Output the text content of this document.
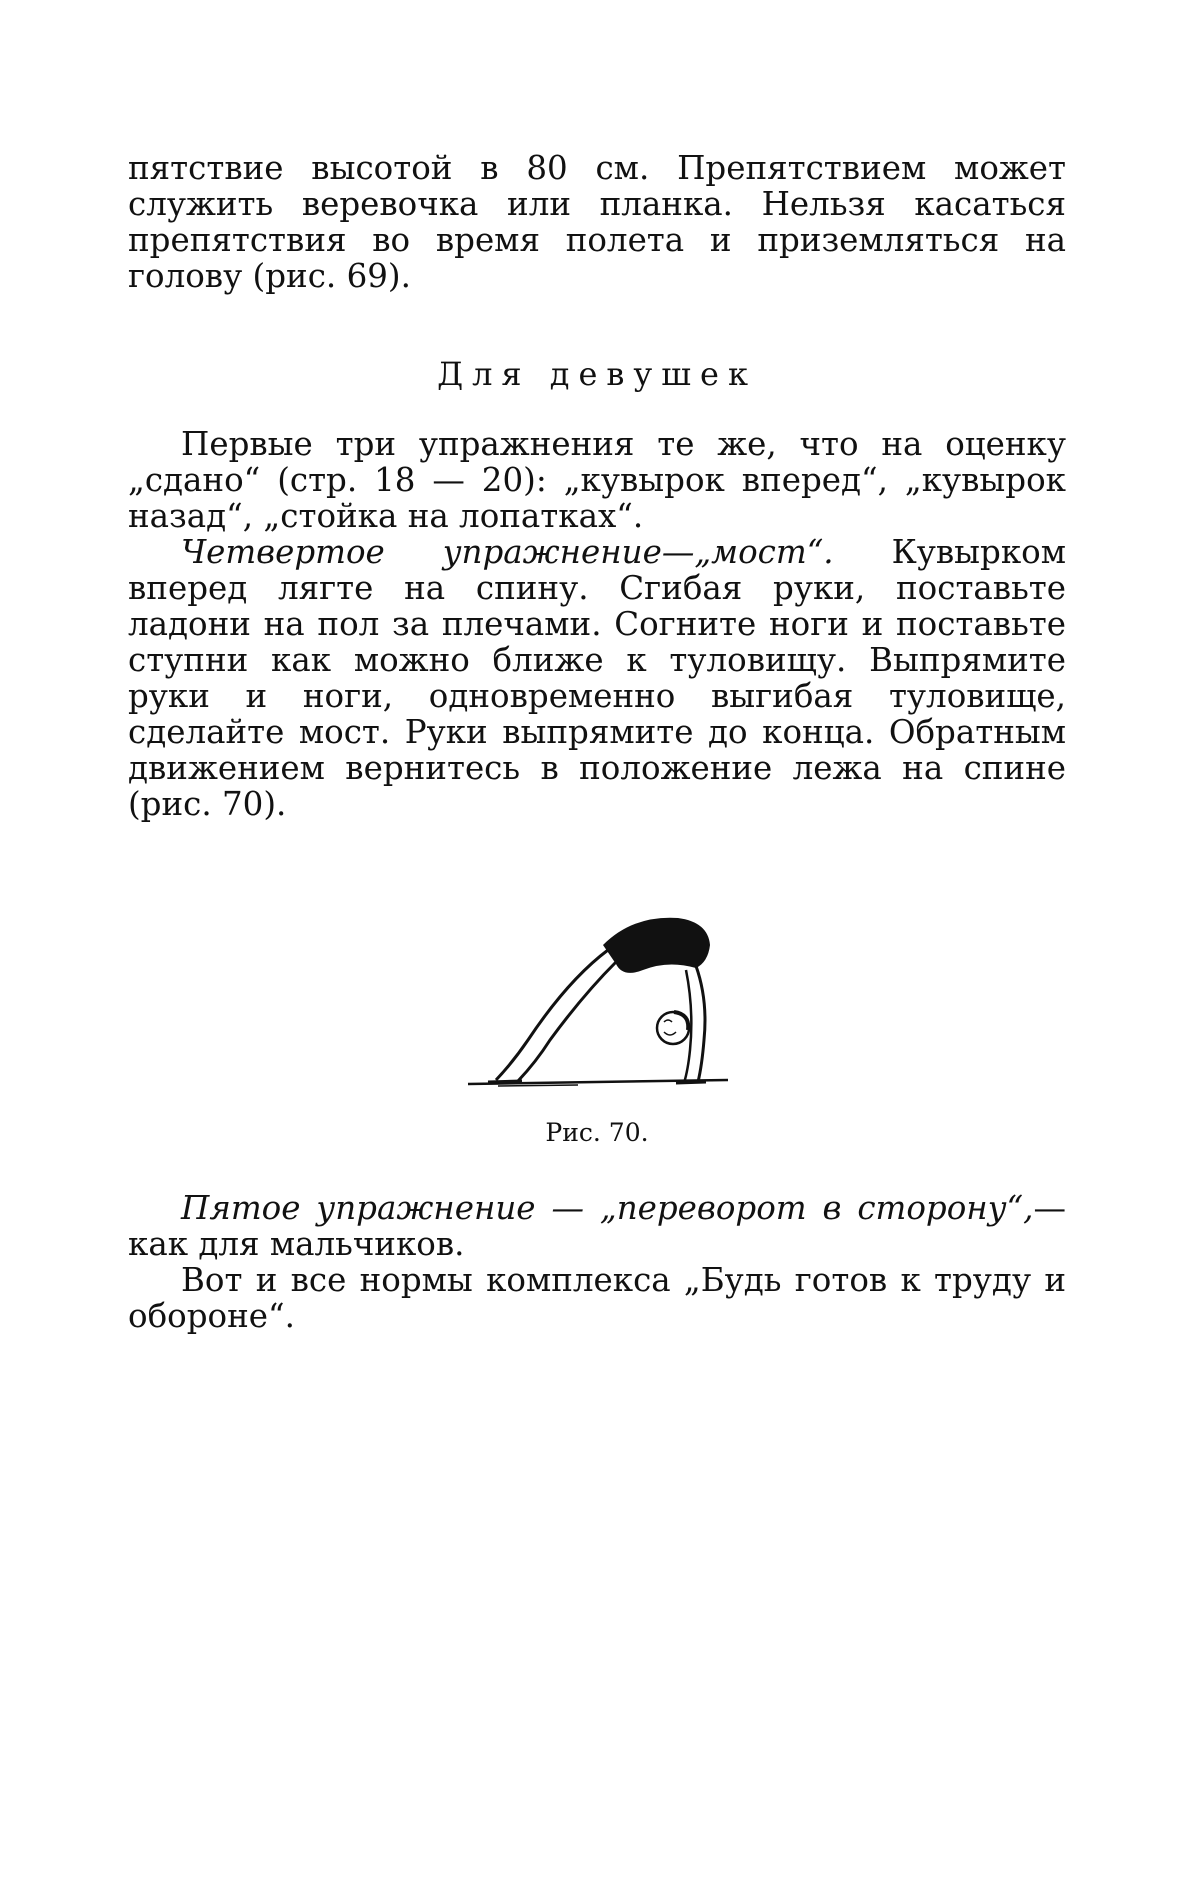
пятствие высотой в 80 см. Препятствием может служить веревочка или планка. Нельзя касаться препятствия во время полета и приземляться на голову (рис. 69).

Для девушек

Первые три упражнения те же, что на оценку „сдано“ (стр. 18 — 20): „кувырок вперед“, „кувырок назад“, „стойка на лопатках“.

Четвертое упражнение—„мост“. Кувырком вперед лягте на спину. Сгибая руки, поставьте ладони на пол за плечами. Согните ноги и поставьте ступни как можно ближе к туловищу. Выпрямите руки и ноги, одновременно выгибая туловище, сделайте мост. Руки выпрямите до конца. Обратным движением вернитесь в положение лежа на спине (рис. 70).

Рис. 70.

Пятое упражнение — „переворот в сторону“,—как для мальчиков.

Вот и все нормы комплекса „Будь готов к труду и обороне“.
